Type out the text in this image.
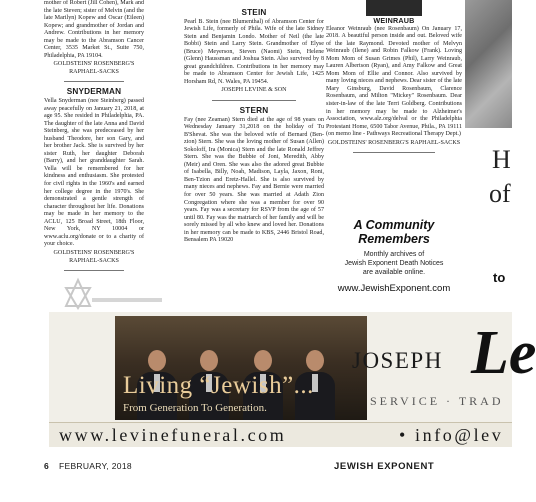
mother of Robert (Jill Cohen), Mark and the late Steven; sister of Melvin (and the late Marilyn) Kopew and Oscar (Eileen) Kopew; and grandmother of Jordan and Andrew. Contributions in her memory may be made to the Abramson Cancer Center, 3535 Market St., Suite 750, Philadelphia, PA 19104.

GOLDSTEINS' ROSENBERG'S RAPHAEL-SACKS

SNYDERMAN

Vella Snyderman (nee Steinberg) passed away peacefully on January 21, 2018, at age 95. She resided in Philadelphia, PA. The daughter of the late Anna and David Steinberg, she was predeceased by her husband Theodore, her son Gary, and her brother Jack. She is survived by her sister Ruth, her daughter Deborah (Barry), and her granddaughter Sarah. Vella will be remembered for her kindness and enthusiasm. She protested for civil rights in the 1960's and earned her college degree in the 1970's. She demonstrated a gentle strength of character throughout her life. Donations may be made in her memory to the ACLU, 125 Broad Street, 18th Floor, New York, NY 10004 or www.aclu.org/donate or to a charity of your choice.

GOLDSTEINS' ROSENBERG'S RAPHAEL-SACKS

STEIN

Pearl B. Stein (nee Blumenthal) of Abramson Center for Jewish Life, formerly of Phila. Wife of the late Sidney Stein and Benjamin Londo. Mother of Neil (the late Bobbi) Stein and Larry Stein. Grandmother of Elyse (Bruce) Meyerson, Steven (Naomi) Stein, Helene (Glenn) Haussman and Joshua Stein. Also survived by 8 great grandchildren. Contributions in her memory may be made to Abramson Center for Jewish Life, 1425 Horsham Rd, N. Wales, PA 19454.

JOSEPH LEVINE & SON

STERN

Fay (nee Zeaman) Stern died at the age of 98 years on Wednesday January 31,2018 on the holiday of Tu B'Shevat. She was the beloved wife of Bernard (Ben-zion) Stern. She was the loving mother of Susan (Allen) Sokoloff, Ira (Monica) Stern and the late Ronald Jeffrey Stern. She was the Bubbie of Joni, Meredith, Abby (Meir) and Oren. She was also the adored great Bubbie of Isabella, Billy, Noah, Madison, Layla, Jaxon, Roni, Ben-Tzion and Eretz-Hallel. She is also survived by many nieces and nephews. Fay and Bernie were married for over 50 years. She was married at Adath Zion Congregation where she was a member for over 90 years. Fay was a secretary for RSVP from the age of 57 until 80. Fay was the matriarch of her family and will be sorely missed by all who knew and loved her. Donations in her memory can be made to KBS, 2446 Bristol Road, Bensalem PA 19020

WEINRAUB

Eleanor Weinraub (nee Rosenbaum) On January 17, 2018. A beautiful person inside and out. Beloved wife of the late Raymond. Devoted mother of Melvyn Weinraub (Ilene) and Robin Falkow (Frank). Loving Mom Mom of Susan Grimes (Phil), Larry Weinraub, Lauren Albertson (Ryan), and Amy Falkow and Great Mom Mom of Ellie and Connor. Also survived by many loving nieces and nephews. Dear sister of the late Mary Ginsburg, David Rosenbaum, Clarence Rosenbaum, and Milton "Mickey" Rosenbaum. Dear sister-in-law of the late Terri Goldberg. Contributions in her memory may be made to Alzheimer's Association, www.alz.org/delval or the Philadelphia Protestant Home, 6500 Tabor Avenue, Phila., PA 19111 (on memo line - Pathways Recreational Therapy Dept.)

GOLDSTEINS' ROSENBERG'S RAPHAEL-SACKS

A Community
Remembers
Monthly archives of
Jewish Exponent Death Notices
are available online.
www.JewishExponent.com
H
of
to
Living “Jewish”...
From Generation To Generation.
JOSEPH Le
SERVICE · TRAD
www.levinefuneral.com	• info@lev
6 FEBRUARY, 2018	JEWISH EXPONENT
